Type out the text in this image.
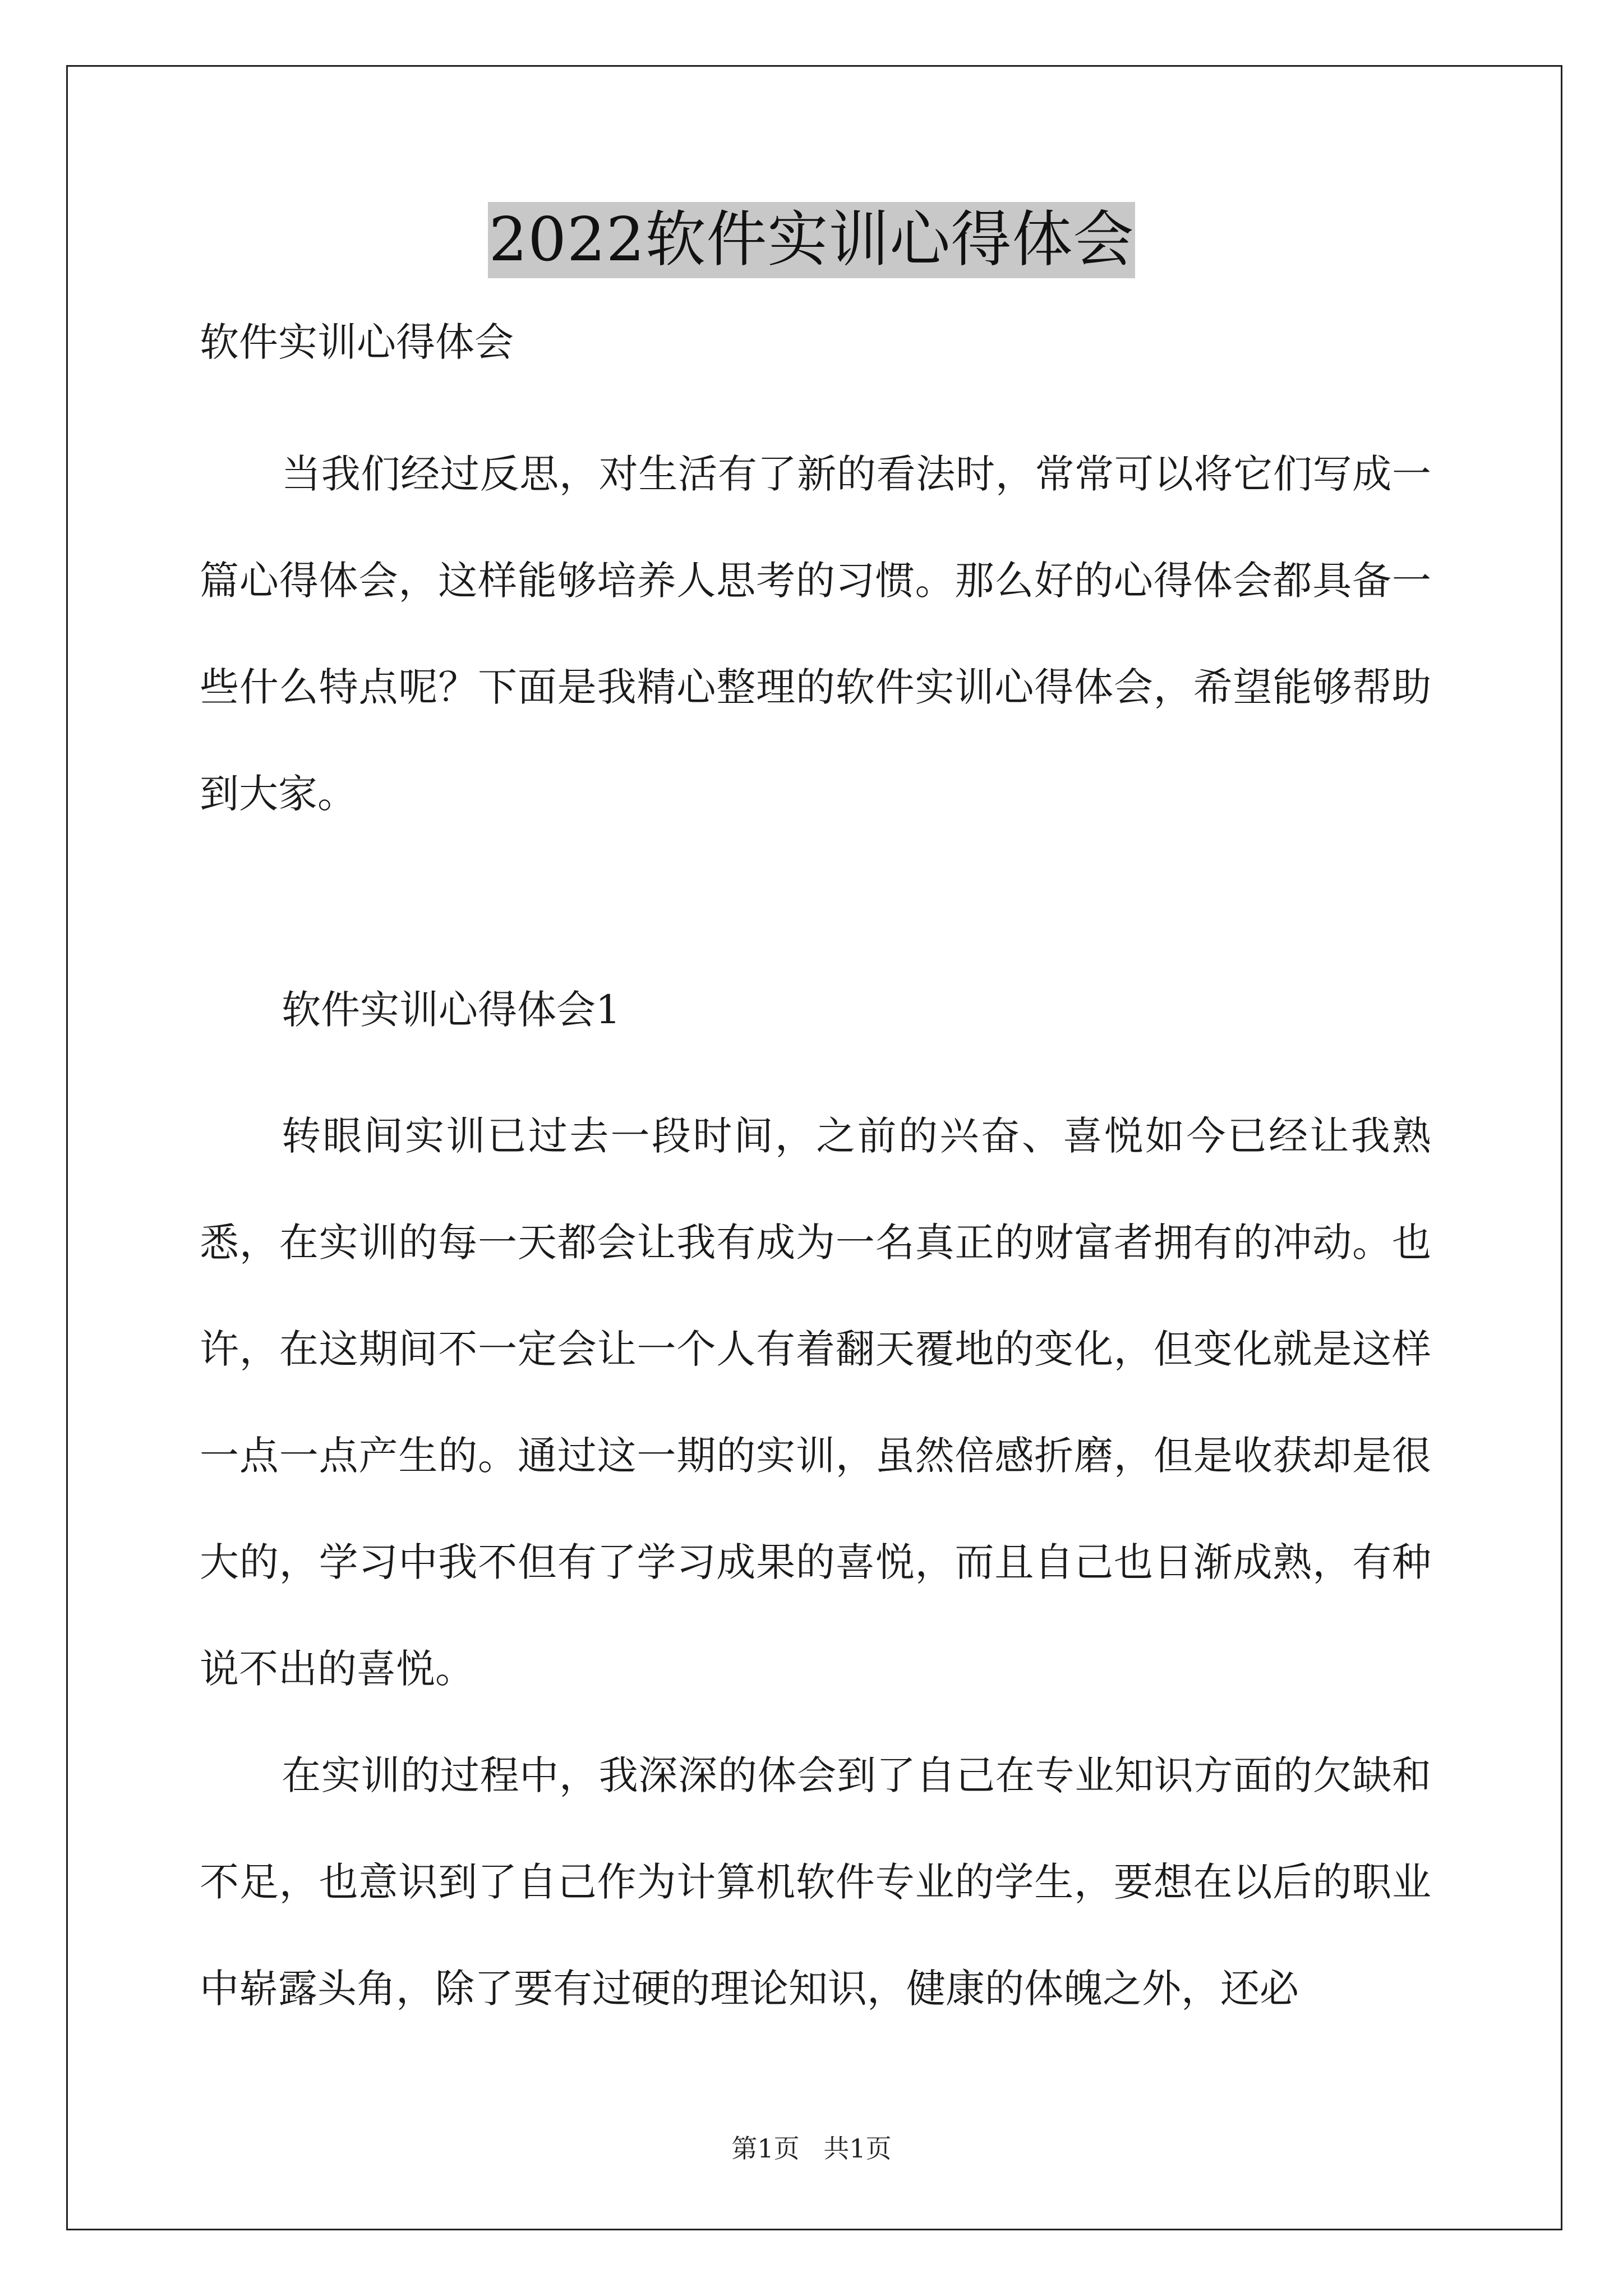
2022软件实训心得体会

软件实训心得体会

当我们经过反思，对生活有了新的看法时，常常可以将它们写成一篇心得体会，这样能够培养人思考的习惯。那么好的心得体会都具备一些什么特点呢？下面是我精心整理的软件实训心得体会，希望能够帮助到大家。

软件实训心得体会1

转眼间实训已过去一段时间，之前的兴奋、喜悦如今已经让我熟悉，在实训的每一天都会让我有成为一名真正的财富者拥有的冲动。也许，在这期间不一定会让一个人有着翻天覆地的变化，但变化就是这样一点一点产生的。通过这一期的实训，虽然倍感折磨，但是收获却是很大的，学习中我不但有了学习成果的喜悦，而且自己也日渐成熟，有种说不出的喜悦。

在实训的过程中，我深深的体会到了自己在专业知识方面的欠缺和不足，也意识到了自己作为计算机软件专业的学生，要想在以后的职业中崭露头角，除了要有过硬的理论知识，健康的体魄之外，还必

第1页 共1页
